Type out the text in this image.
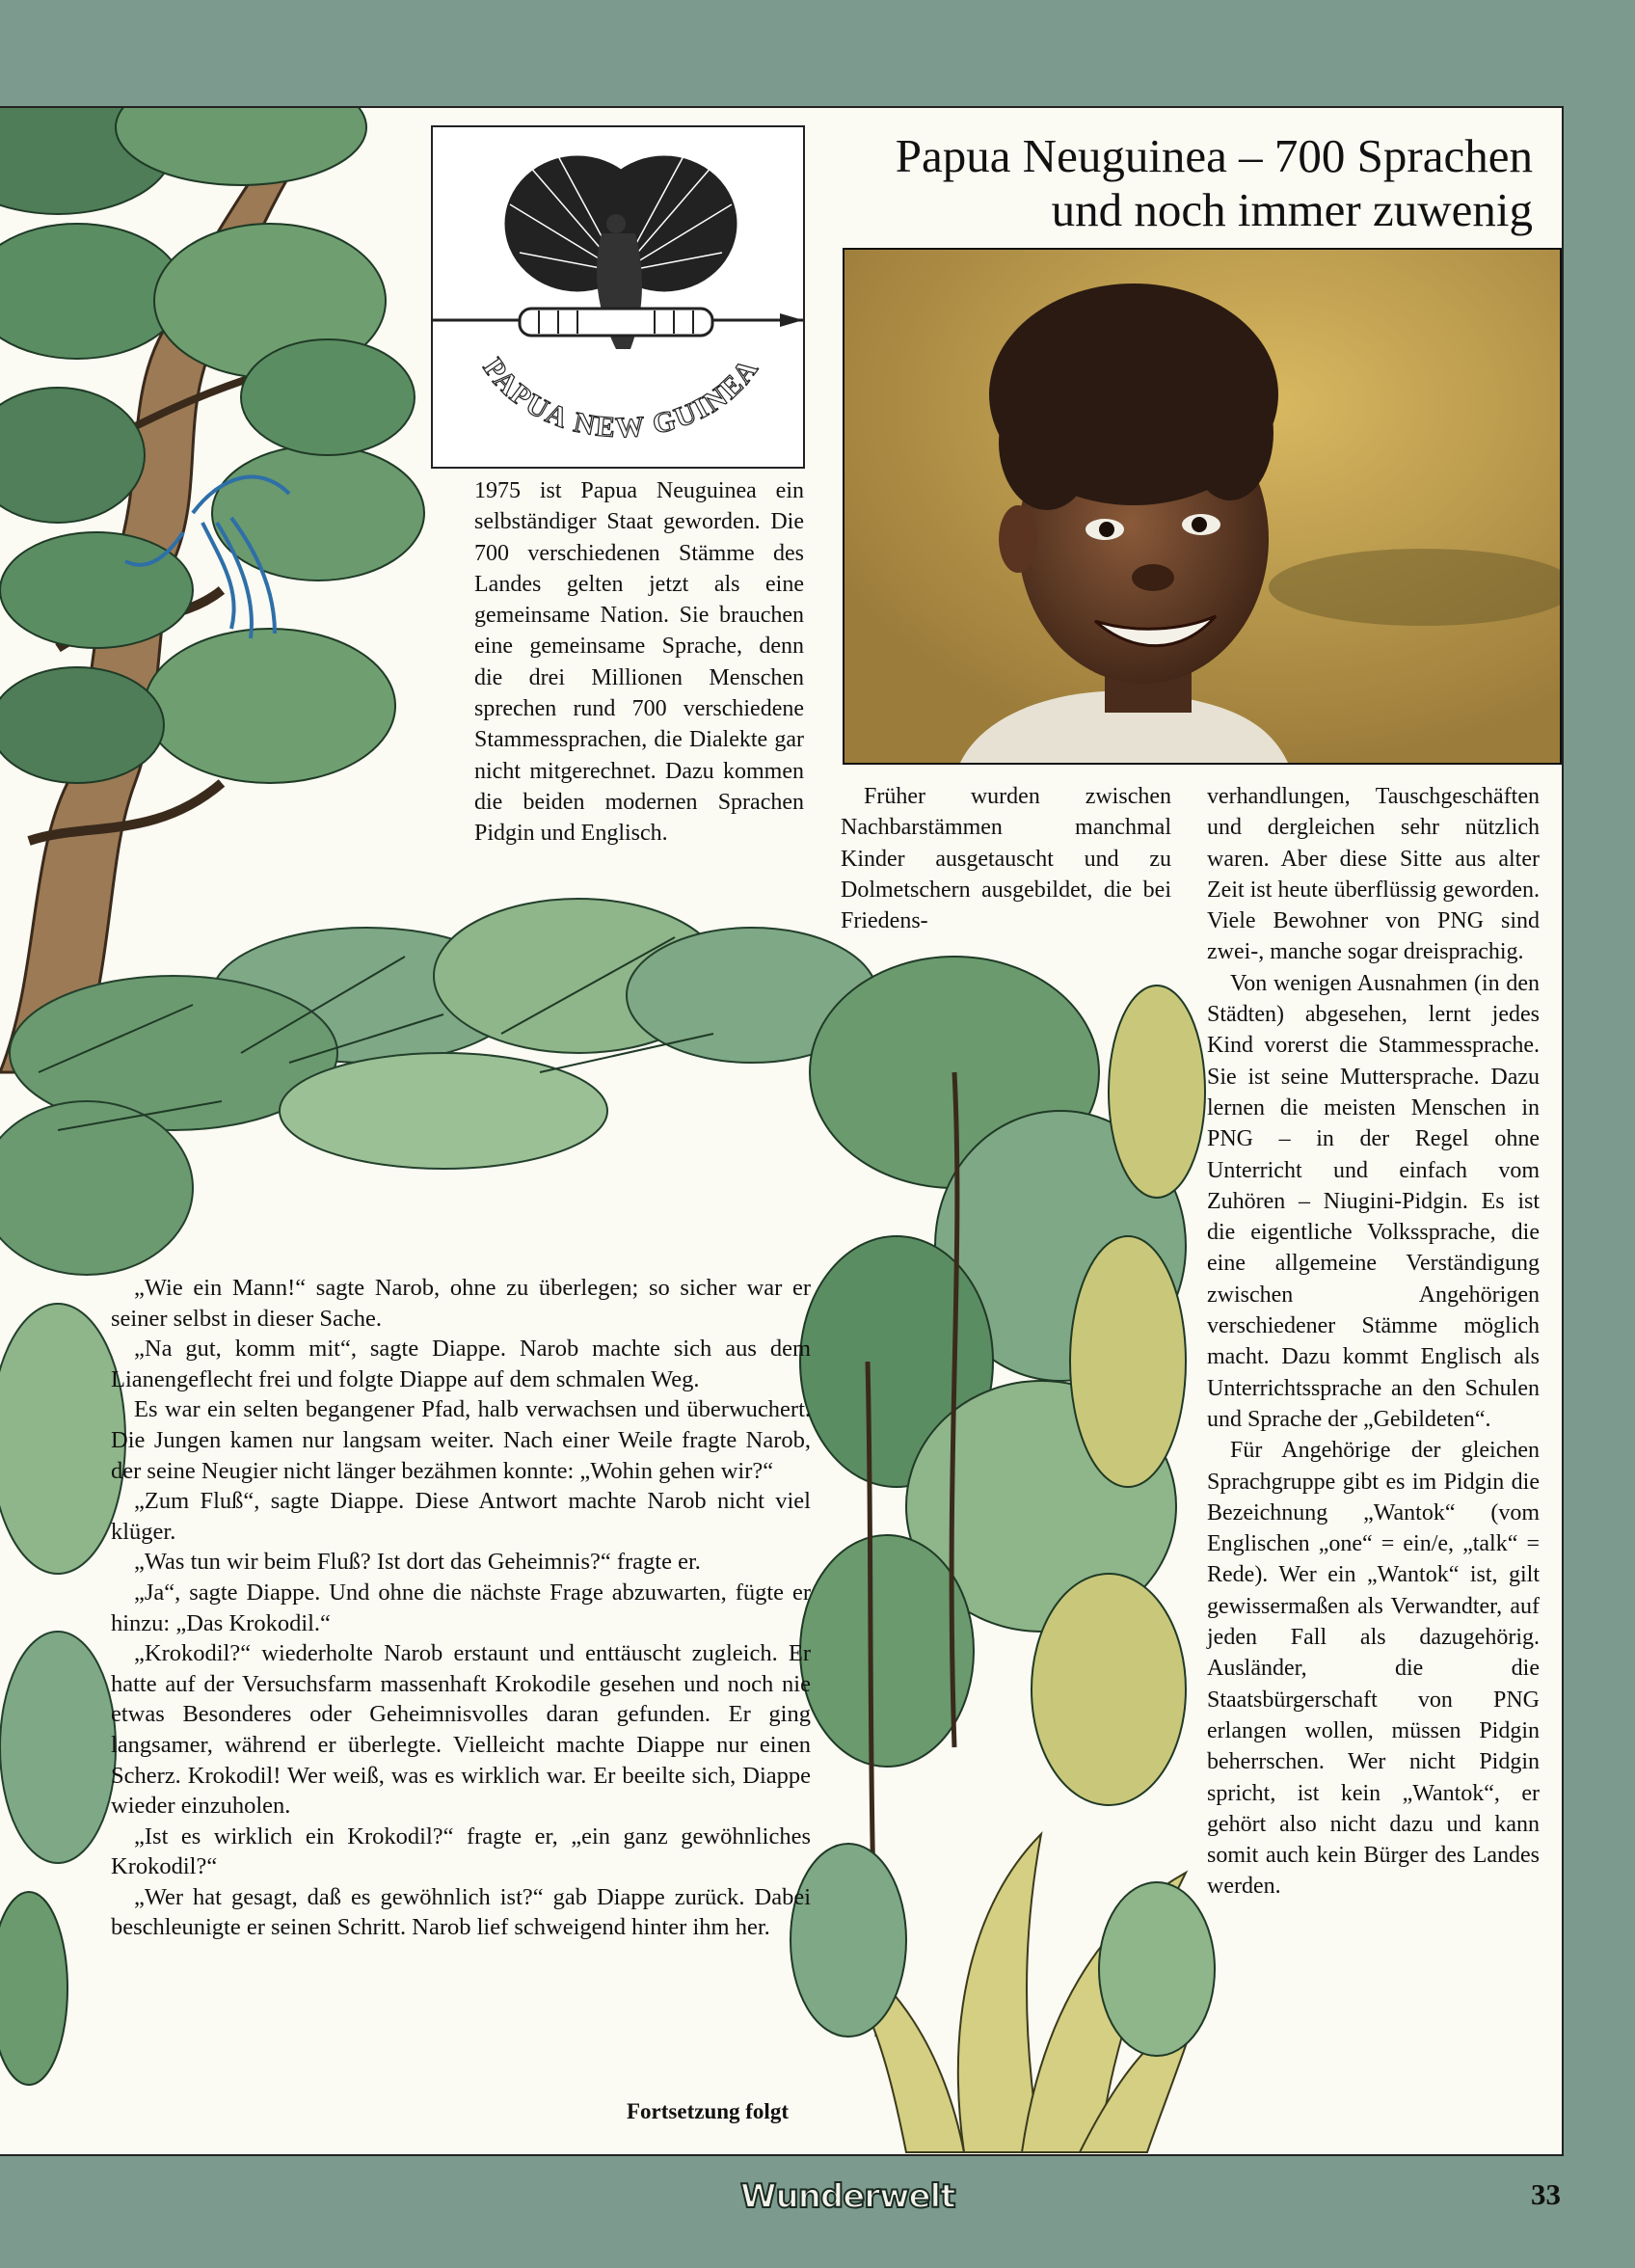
PAPUA NEW GUINEA
Papua Neuguinea – 700 Sprachen
und noch immer zuwenig

1975 ist Papua Neuguinea ein selbständiger Staat geworden. Die 700 verschiedenen Stämme des Landes gelten jetzt als eine gemeinsame Nation. Sie brauchen eine gemeinsame Sprache, denn die drei Millionen Menschen sprechen rund 700 verschiedene Stammessprachen, die Dialekte gar nicht mitgerechnet. Dazu kommen die beiden modernen Sprachen Pidgin und Englisch.

Früher wurden zwischen Nachbarstämmen manchmal Kinder ausgetauscht und zu Dolmetschern ausgebildet, die bei Friedens-

verhandlungen, Tauschgeschäften und dergleichen sehr nützlich waren. Aber diese Sitte aus alter Zeit ist heute überflüssig geworden. Viele Bewohner von PNG sind zwei-, manche sogar dreisprachig.

Von wenigen Ausnahmen (in den Städten) abgesehen, lernt jedes Kind vorerst die Stammessprache. Sie ist seine Muttersprache. Dazu lernen die meisten Menschen in PNG – in der Regel ohne Unterricht und einfach vom Zuhören – Niugini-Pidgin. Es ist die eigentliche Volkssprache, die eine allgemeine Verständigung zwischen Angehörigen verschiedener Stämme möglich macht. Dazu kommt Englisch als Unterrichtssprache an den Schulen und Sprache der „Gebildeten“.

Für Angehörige der gleichen Sprachgruppe gibt es im Pidgin die Bezeichnung „Wantok“ (vom Englischen „one“ = ein/e, „talk“ = Rede). Wer ein „Wantok“ ist, gilt gewissermaßen als Verwandter, auf jeden Fall als dazugehörig. Ausländer, die die Staatsbürgerschaft von PNG erlangen wollen, müssen Pidgin beherrschen. Wer nicht Pidgin spricht, ist kein „Wantok“, er gehört also nicht dazu und kann somit auch kein Bürger des Landes werden.

„Wie ein Mann!“ sagte Narob, ohne zu überlegen; so sicher war er seiner selbst in dieser Sache.

„Na gut, komm mit“, sagte Diappe. Narob machte sich aus dem Lianengeflecht frei und folgte Diappe auf dem schmalen Weg.

Es war ein selten begangener Pfad, halb verwachsen und überwuchert. Die Jungen kamen nur langsam weiter. Nach einer Weile fragte Narob, der seine Neugier nicht länger bezähmen konnte: „Wohin gehen wir?“

„Zum Fluß“, sagte Diappe. Diese Antwort machte Narob nicht viel klüger.

„Was tun wir beim Fluß? Ist dort das Geheimnis?“ fragte er.

„Ja“, sagte Diappe. Und ohne die nächste Frage abzuwarten, fügte er hinzu: „Das Krokodil.“

„Krokodil?“ wiederholte Narob erstaunt und enttäuscht zugleich. Er hatte auf der Versuchsfarm massenhaft Krokodile gesehen und noch nie etwas Besonderes oder Geheimnisvolles daran gefunden. Er ging langsamer, während er überlegte. Vielleicht machte Diappe nur einen Scherz. Krokodil! Wer weiß, was es wirklich war. Er beeilte sich, Diappe wieder einzuholen.

„Ist es wirklich ein Krokodil?“ fragte er, „ein ganz gewöhnliches Krokodil?“

„Wer hat gesagt, daß es gewöhnlich ist?“ gab Diappe zurück. Dabei beschleunigte er seinen Schritt. Narob lief schweigend hinter ihm her.

Fortsetzung folgt
Wunderwelt	33
